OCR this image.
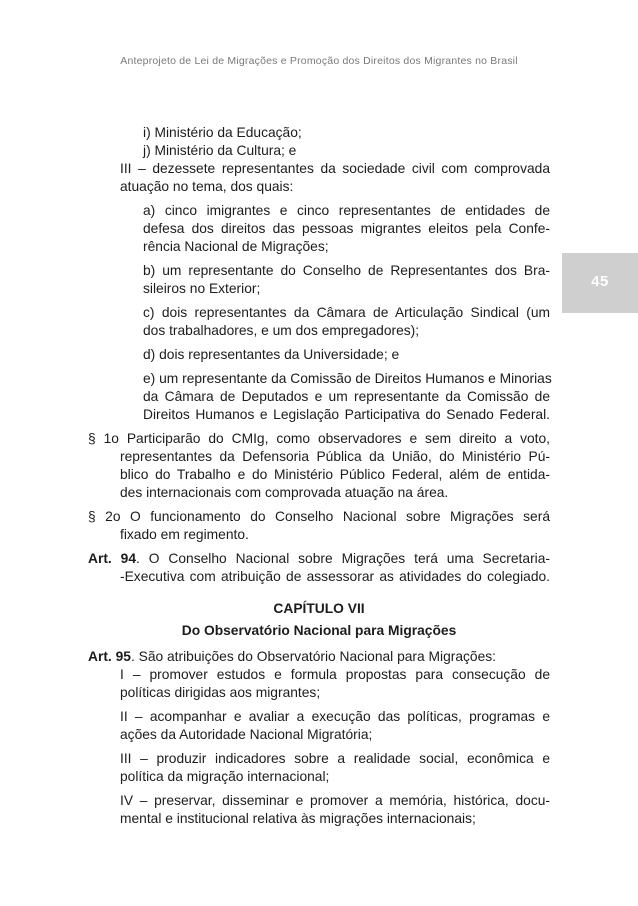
Anteprojeto de Lei de Migrações e Promoção dos Direitos dos Migrantes no Brasil
45
i) Ministério da Educação;
j) Ministério da Cultura; e
III – dezessete representantes da sociedade civil com comprovada
atuação no tema, dos quais:
a) cinco imigrantes e cinco representantes de entidades de
defesa dos direitos das pessoas migrantes eleitos pela Confe-
rência Nacional de Migrações;
b) um representante do Conselho de Representantes dos Bra-
sileiros no Exterior;
c) dois representantes da Câmara de Articulação Sindical (um
dos trabalhadores, e um dos empregadores);
d) dois representantes da Universidade; e
e) um representante da Comissão de Direitos Humanos e Minorias
da Câmara de Deputados e um representante da Comissão de
Direitos Humanos e Legislação Participativa do Senado Federal.
§ 1o Participarão do CMIg, como observadores e sem direito a voto,
representantes da Defensoria Pública da União, do Ministério Pú-
blico do Trabalho e do Ministério Público Federal, além de entida-
des internacionais com comprovada atuação na área.
§ 2o O funcionamento do Conselho Nacional sobre Migrações será
fixado em regimento.
Art. 94. O Conselho Nacional sobre Migrações terá uma Secretaria-
-Executiva com atribuição de assessorar as atividades do colegiado.
CAPÍTULO VII
Do Observatório Nacional para Migrações
Art. 95. São atribuições do Observatório Nacional para Migrações:
I – promover estudos e formula propostas para consecução de
políticas dirigidas aos migrantes;
II – acompanhar e avaliar a execução das políticas, programas e
ações da Autoridade Nacional Migratória;
III – produzir indicadores sobre a realidade social, econômica e
política da migração internacional;
IV – preservar, disseminar e promover a memória, histórica, docu-
mental e institucional relativa às migrações internacionais;
